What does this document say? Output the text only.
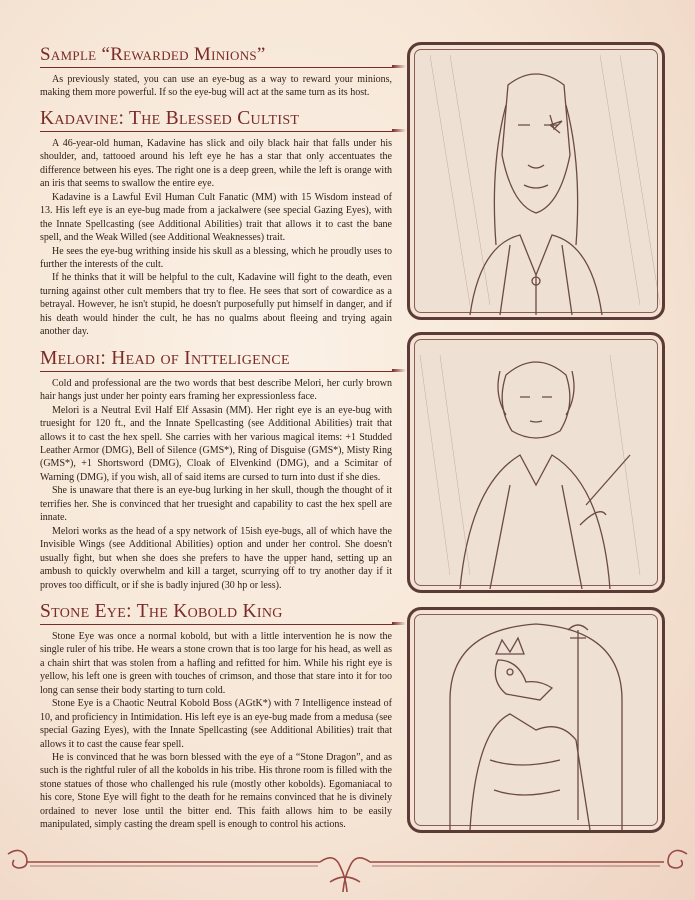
Sample “Rewarded Minions”

As previously stated, you can use an eye-bug as a way to reward your minions, making them more powerful. If so the eye-bug will act at the same turn as its host.

Kadavine: The Blessed Cultist

A 46-year-old human, Kadavine has slick and oily black hair that falls under his shoulder, and, tattooed around his left eye he has a star that only accentuates the difference between his eyes. The right one is a deep green, while the left is orange with an iris that seems to swallow the entire eye.

Kadavine is a Lawful Evil Human Cult Fanatic (MM) with 15 Wisdom instead of 13. His left eye is an eye-bug made from a jackalwere (see special Gazing Eyes), with the Innate Spellcasting (see Additional Abilities) trait that allows it to cast the bane spell, and the Weak Willed (see Additional Weaknesses) trait.

He sees the eye-bug writhing inside his skull as a blessing, which he proudly uses to further the interests of the cult.

If he thinks that it will be helpful to the cult, Kadavine will fight to the death, even turning against other cult members that try to flee. He sees that sort of cowardice as a betrayal. However, he isn't stupid, he doesn't purposefully put himself in danger, and if his death would hinder the cult, he has no qualms about fleeing and trying again another day.

Melori: Head of Intteligence

Cold and professional are the two words that best describe Melori, her curly brown hair hangs just under her pointy ears framing her expressionless face.

Melori is a Neutral Evil Half Elf Assasin (MM). Her right eye is an eye-bug with truesight for 120 ft., and the Innate Spellcasting (see Additional Abilities) trait that allows it to cast the hex spell. She carries with her various magical items: +1 Studded Leather Armor (DMG), Bell of Silence (GMS*), Ring of Disguise (GMS*), Misty Ring (GMS*), +1 Shortsword (DMG), Cloak of Elvenkind (DMG), and a Scimitar of Warning (DMG), if you wish, all of said items are cursed to turn into dust if she dies.

She is unaware that there is an eye-bug lurking in her skull, though the thought of it terrifies her. She is convinced that her truesight and capability to cast the hex spell are innate.

Melori works as the head of a spy network of 15ish eye-bugs, all of which have the Invisible Wings (see Additional Abilities) option and under her control. She doesn't usually fight, but when she does she prefers to have the upper hand, setting up an ambush to quickly overwhelm and kill a target, scurrying off to try another day if it proves too difficult, or if she is badly injured (30 hp or less).

Stone Eye: The Kobold King

Stone Eye was once a normal kobold, but with a little intervention he is now the single ruler of his tribe. He wears a stone crown that is too large for his head, as well as a chain shirt that was stolen from a hafling and refitted for him. While his right eye is yellow, his left one is green with touches of crimson, and those that stare into it for too long can sense their body starting to turn cold.

Stone Eye is a Chaotic Neutral Kobold Boss (AGtK*) with 7 Intelligence instead of 10, and proficiency in Intimidation. His left eye is an eye-bug made from a medusa (see special Gazing Eyes), with the Innate Spellcasting (see Additional Abilities) trait that allows it to cast the cause fear spell.

He is convinced that he was born blessed with the eye of a “Stone Dragon”, and as such is the rightful ruler of all the kobolds in his tribe. His throne room is filled with the stone statues of those who challenged his rule (mostly other kobolds). Egomaniacal to his core, Stone Eye will fight to the death for he remains convinced that he is divinely ordained to never lose until the bitter end. This faith allows him to be easily manipulated, simply casting the dream spell is enough to control his actions.
